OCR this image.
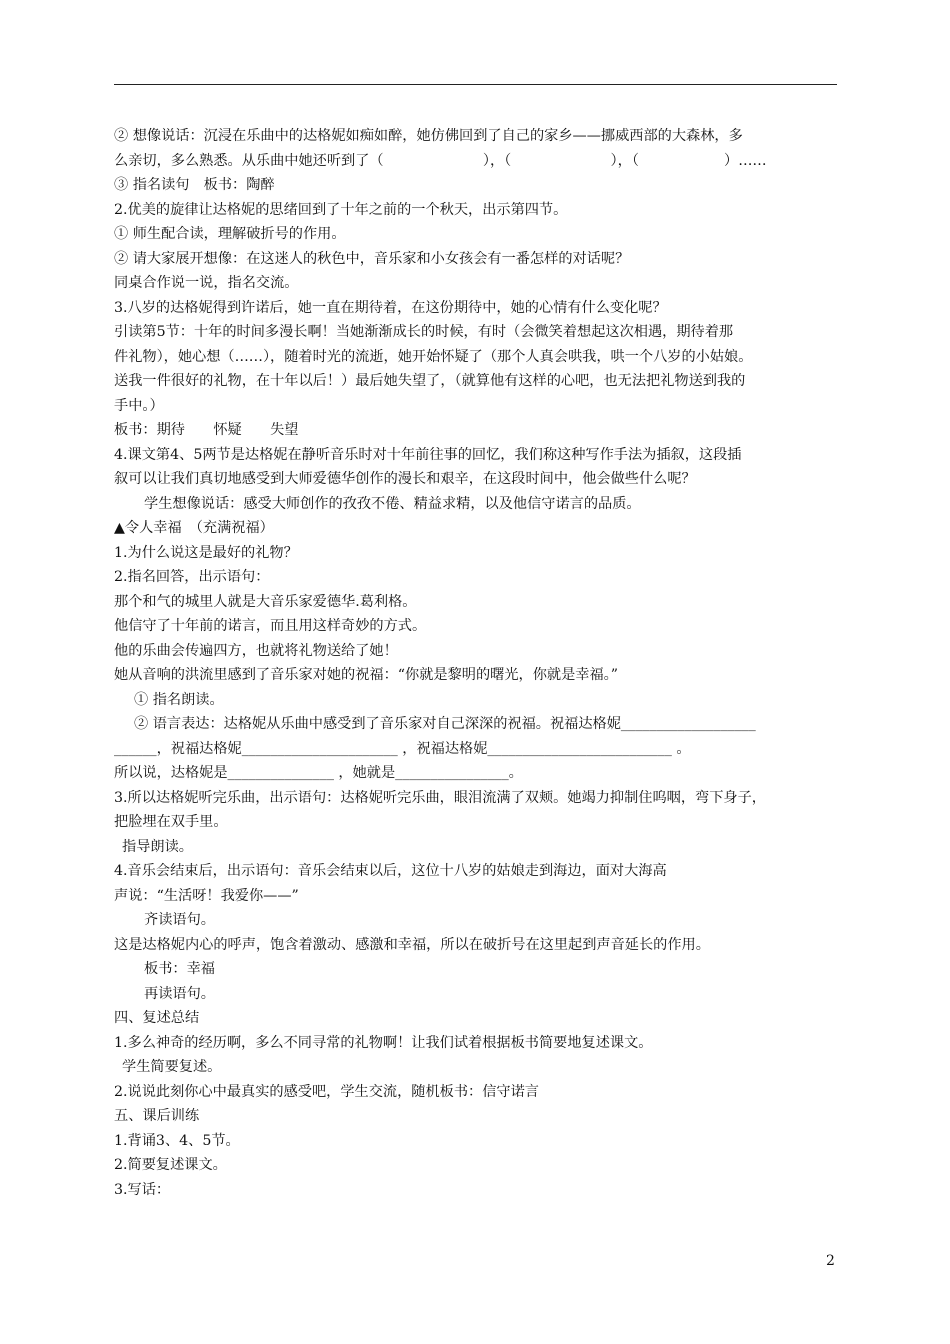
② 想像说话：沉浸在乐曲中的达格妮如痴如醉，她仿佛回到了自己的家乡——挪威西部的大森林，多
么亲切，多么熟悉。从乐曲中她还听到了（　　　　　　　），（　　　　　　　），（　　　　　　）……
③ 指名读句　板书：陶醉
2.优美的旋律让达格妮的思绪回到了十年之前的一个秋天，出示第四节。
① 师生配合读，理解破折号的作用。
② 请大家展开想像：在这迷人的秋色中，音乐家和小女孩会有一番怎样的对话呢？
同桌合作说一说，指名交流。
3.八岁的达格妮得到许诺后，她一直在期待着，在这份期待中，她的心情有什么变化呢？
引读第5节：十年的时间多漫长啊！当她渐渐成长的时候，有时（会微笑着想起这次相遇，期待着那
件礼物），她心想（……），随着时光的流逝，她开始怀疑了（那个人真会哄我，哄一个八岁的小姑娘。
送我一件很好的礼物，在十年以后！）最后她失望了，（就算他有这样的心吧，也无法把礼物送到我的
手中。）
板书：期待　　怀疑　　失望
4.课文第4、5两节是达格妮在静听音乐时对十年前往事的回忆，我们称这种写作手法为插叙，这段插
叙可以让我们真切地感受到大师爱德华创作的漫长和艰辛，在这段时间中，他会做些什么呢？
学生想像说话：感受大师创作的孜孜不倦、精益求精，以及他信守诺言的品质。
▲令人幸福　（充满祝福）
1.为什么说这是最好的礼物？
2.指名回答，出示语句：
那个和气的城里人就是大音乐家爱德华.葛利格。
他信守了十年前的诺言，而且用这样奇妙的方式。
他的乐曲会传遍四方，也就将礼物送给了她！
她从音响的洪流里感到了音乐家对她的祝福：“你就是黎明的曙光，你就是幸福。”
① 指名朗读。
② 语言表达：达格妮从乐曲中感受到了音乐家对自己深深的祝福。祝福达格妮___________________
______，祝福达格妮______________________ ，祝福达格妮__________________________ 。
所以说，达格妮是_______________ ，她就是________________。
3.所以达格妮听完乐曲，出示语句：达格妮听完乐曲，眼泪流满了双颊。她竭力抑制住呜咽，弯下身子，
把脸埋在双手里。
指导朗读。
4.音乐会结束后，出示语句：音乐会结束以后，这位十八岁的姑娘走到海边，面对大海高
声说：“生活呀！我爱你——”
齐读语句。
这是达格妮内心的呼声，饱含着激动、感激和幸福，所以在破折号在这里起到声音延长的作用。
板书：幸福
再读语句。
四、复述总结
1.多么神奇的经历啊，多么不同寻常的礼物啊！让我们试着根据板书简要地复述课文。
学生简要复述。
2.说说此刻你心中最真实的感受吧，学生交流，随机板书：信守诺言
五、课后训练
1.背诵3、4、5节。
2.简要复述课文。
3.写话：
2
